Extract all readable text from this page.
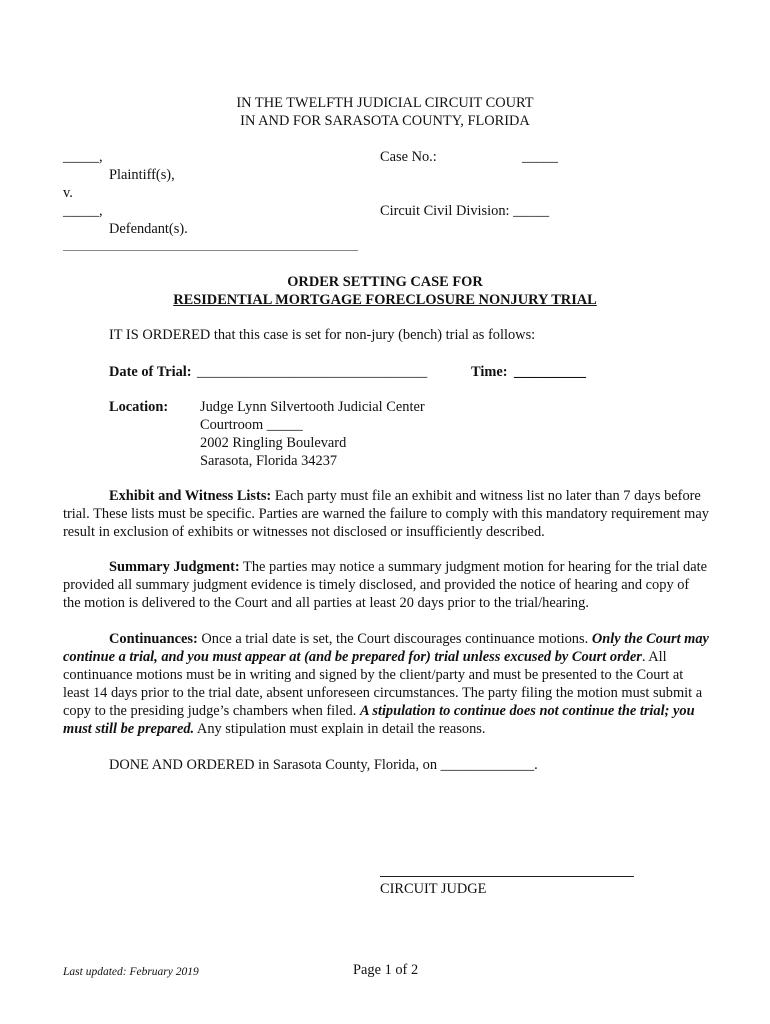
IN THE TWELFTH JUDICIAL CIRCUIT COURT
IN AND FOR SARASOTA COUNTY, FLORIDA
_____,
Plaintiff(s),
v.
_____,
Defendant(s).
Case No.:	_____
Circuit Civil Division: _____
ORDER SETTING CASE FOR
RESIDENTIAL MORTGAGE FORECLOSURE NONJURY TRIAL
IT IS ORDERED that this case is set for non-jury (bench) trial as follows:
Date of Trial: ________________________________	Time: __________
Location: Judge Lynn Silvertooth Judicial Center
Courtroom _____
2002 Ringling Boulevard
Sarasota, Florida 34237

Exhibit and Witness Lists: Each party must file an exhibit and witness list no later than 7 days before trial. These lists must be specific. Parties are warned the failure to comply with this mandatory requirement may result in exclusion of exhibits or witnesses not disclosed or insufficiently described.

Summary Judgment: The parties may notice a summary judgment motion for hearing for the trial date provided all summary judgment evidence is timely disclosed, and provided the notice of hearing and copy of the motion is delivered to the Court and all parties at least 20 days prior to the trial/hearing.

Continuances: Once a trial date is set, the Court discourages continuance motions. Only the Court may continue a trial, and you must appear at (and be prepared for) trial unless excused by Court order. All continuance motions must be in writing and signed by the client/party and must be presented to the Court at least 14 days prior to the trial date, absent unforeseen circumstances. The party filing the motion must submit a copy to the presiding judge’s chambers when filed. A stipulation to continue does not continue the trial; you must still be prepared. Any stipulation must explain in detail the reasons.

DONE AND ORDERED in Sarasota County, Florida, on _____________.
CIRCUIT JUDGE
Last updated: February 2019	Page 1 of 2
